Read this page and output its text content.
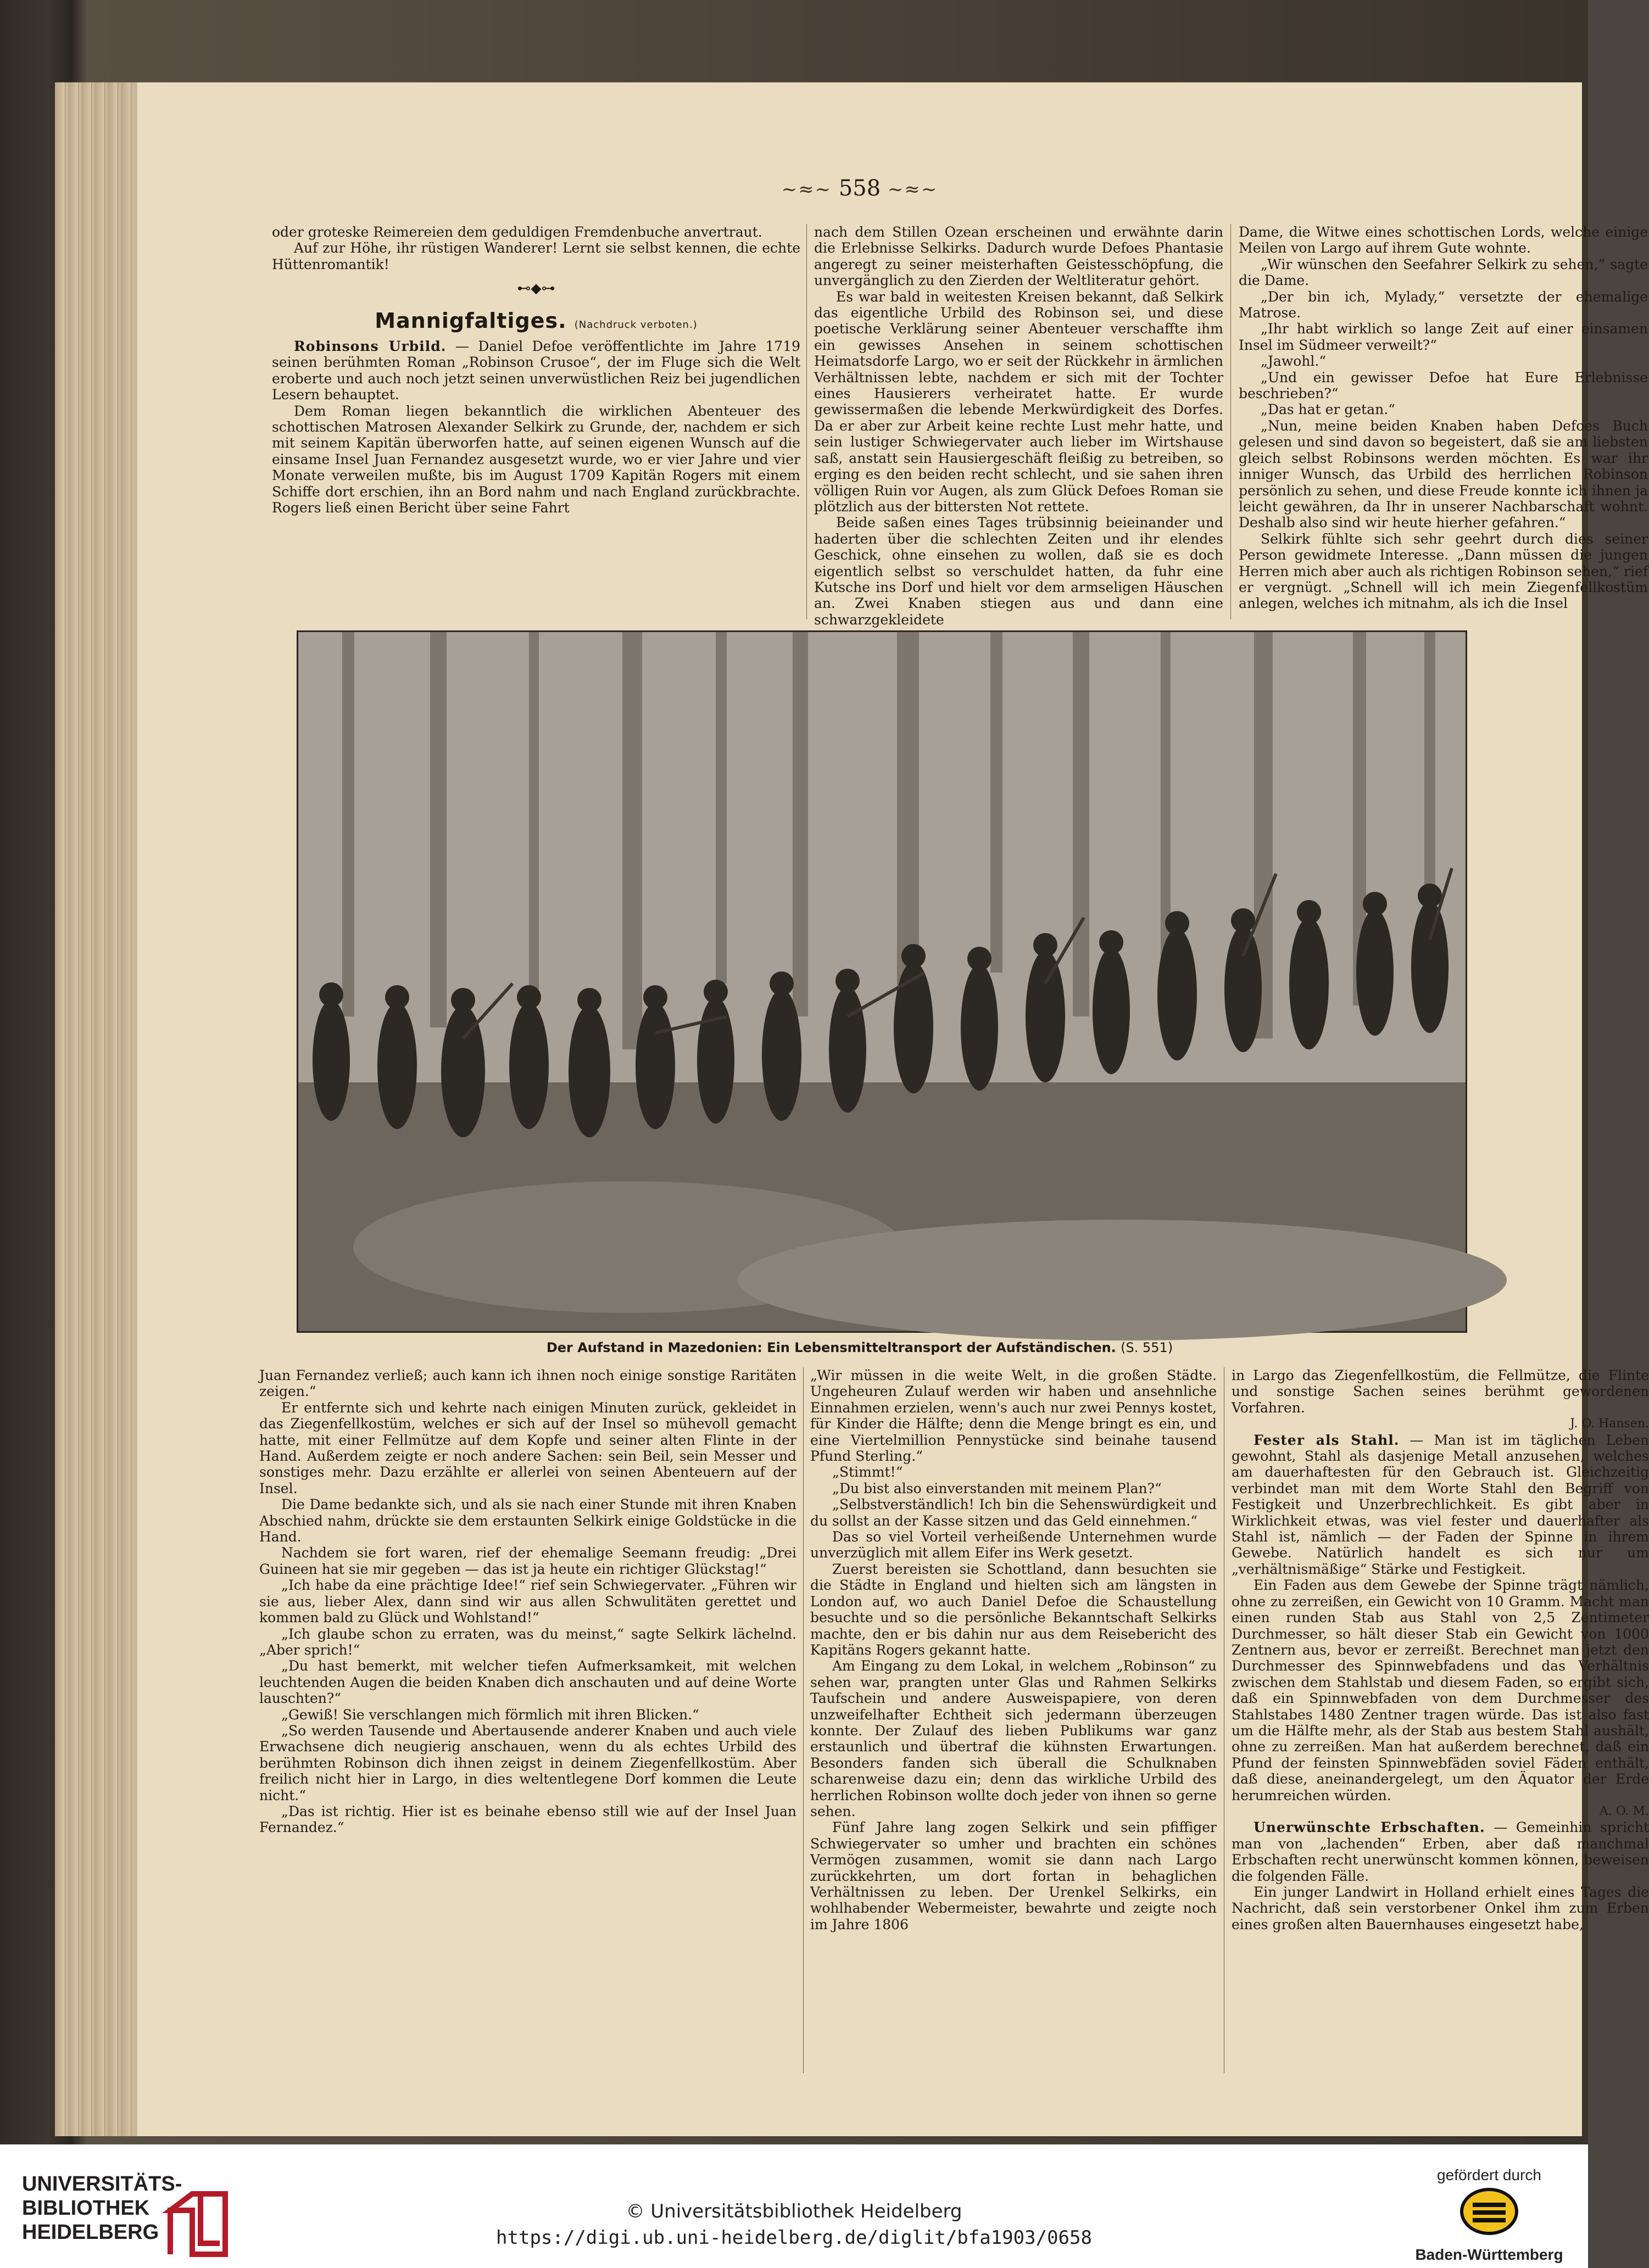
~≈~ 558 ~≈~

oder groteske Reimereien dem geduldigen Fremdenbuche anvertraut.

Auf zur Höhe, ihr rüstigen Wanderer! Lernt sie selbst kennen, die echte Hüttenromantik!

⊷◆⊶

Mannigfaltiges. (Nachdruck verboten.)

Robinsons Urbild. — Daniel Defoe veröffentlichte im Jahre 1719 seinen berühmten Roman „Robinson Crusoe“, der im Fluge sich die Welt eroberte und auch noch jetzt seinen unverwüstlichen Reiz bei jugendlichen Lesern behauptet.

Dem Roman liegen bekanntlich die wirklichen Abenteuer des schottischen Matrosen Alexander Selkirk zu Grunde, der, nachdem er sich mit seinem Kapitän überworfen hatte, auf seinen eigenen Wunsch auf die einsame Insel Juan Fernandez ausgesetzt wurde, wo er vier Jahre und vier Monate verweilen mußte, bis im August 1709 Kapitän Rogers mit einem Schiffe dort erschien, ihn an Bord nahm und nach England zurückbrachte. Rogers ließ einen Bericht über seine Fahrt

nach dem Stillen Ozean erscheinen und erwähnte darin die Erlebnisse Selkirks. Dadurch wurde Defoes Phantasie angeregt zu seiner meisterhaften Geistesschöpfung, die unvergänglich zu den Zierden der Weltliteratur gehört.

Es war bald in weitesten Kreisen bekannt, daß Selkirk das eigentliche Urbild des Robinson sei, und diese poetische Verklärung seiner Abenteuer verschaffte ihm ein gewisses Ansehen in seinem schottischen Heimatsdorfe Largo, wo er seit der Rückkehr in ärmlichen Verhältnissen lebte, nachdem er sich mit der Tochter eines Hausierers verheiratet hatte. Er wurde gewissermaßen die lebende Merkwürdigkeit des Dorfes. Da er aber zur Arbeit keine rechte Lust mehr hatte, und sein lustiger Schwiegervater auch lieber im Wirtshause saß, anstatt sein Hausiergeschäft fleißig zu betreiben, so erging es den beiden recht schlecht, und sie sahen ihren völligen Ruin vor Augen, als zum Glück Defoes Roman sie plötzlich aus der bittersten Not rettete.

Beide saßen eines Tages trübsinnig beieinander und haderten über die schlechten Zeiten und ihr elendes Geschick, ohne einsehen zu wollen, daß sie es doch eigentlich selbst so verschuldet hatten, da fuhr eine Kutsche ins Dorf und hielt vor dem armseligen Häuschen an. Zwei Knaben stiegen aus und dann eine schwarzgekleidete

Dame, die Witwe eines schottischen Lords, welche einige Meilen von Largo auf ihrem Gute wohnte.

„Wir wünschen den Seefahrer Selkirk zu sehen,“ sagte die Dame.

„Der bin ich, Mylady,“ versetzte der ehemalige Matrose.

„Ihr habt wirklich so lange Zeit auf einer einsamen Insel im Südmeer verweilt?“

„Jawohl.“

„Und ein gewisser Defoe hat Eure Erlebnisse beschrieben?“

„Das hat er getan.“

„Nun, meine beiden Knaben haben Defoes Buch gelesen und sind davon so begeistert, daß sie am liebsten gleich selbst Robinsons werden möchten. Es war ihr inniger Wunsch, das Urbild des herrlichen Robinson persönlich zu sehen, und diese Freude konnte ich ihnen ja leicht gewähren, da Ihr in unserer Nachbarschaft wohnt. Deshalb also sind wir heute hierher gefahren.“

Selkirk fühlte sich sehr geehrt durch dies seiner Person gewidmete Interesse. „Dann müssen die jungen Herren mich aber auch als richtigen Robinson sehen,“ rief er vergnügt. „Schnell will ich mein Ziegenfellkostüm anlegen, welches ich mitnahm, als ich die Insel

Der Aufstand in Mazedonien: Ein Lebensmitteltransport der Aufständischen. (S. 551)

Juan Fernandez verließ; auch kann ich ihnen noch einige sonstige Raritäten zeigen.“

Er entfernte sich und kehrte nach einigen Minuten zurück, gekleidet in das Ziegenfellkostüm, welches er sich auf der Insel so mühevoll gemacht hatte, mit einer Fellmütze auf dem Kopfe und seiner alten Flinte in der Hand. Außerdem zeigte er noch andere Sachen: sein Beil, sein Messer und sonstiges mehr. Dazu erzählte er allerlei von seinen Abenteuern auf der Insel.

Die Dame bedankte sich, und als sie nach einer Stunde mit ihren Knaben Abschied nahm, drückte sie dem erstaunten Selkirk einige Goldstücke in die Hand.

Nachdem sie fort waren, rief der ehemalige Seemann freudig: „Drei Guineen hat sie mir gegeben — das ist ja heute ein richtiger Glückstag!“

„Ich habe da eine prächtige Idee!“ rief sein Schwiegervater. „Führen wir sie aus, lieber Alex, dann sind wir aus allen Schwulitäten gerettet und kommen bald zu Glück und Wohlstand!“

„Ich glaube schon zu erraten, was du meinst,“ sagte Selkirk lächelnd. „Aber sprich!“

„Du hast bemerkt, mit welcher tiefen Aufmerksamkeit, mit welchen leuchtenden Augen die beiden Knaben dich anschauten und auf deine Worte lauschten?“

„Gewiß! Sie verschlangen mich förmlich mit ihren Blicken.“

„So werden Tausende und Abertausende anderer Knaben und auch viele Erwachsene dich neugierig anschauen, wenn du als echtes Urbild des berühmten Robinson dich ihnen zeigst in deinem Ziegenfellkostüm. Aber freilich nicht hier in Largo, in dies weltentlegene Dorf kommen die Leute nicht.“

„Das ist richtig. Hier ist es beinahe ebenso still wie auf der Insel Juan Fernandez.“

„Wir müssen in die weite Welt, in die großen Städte. Ungeheuren Zulauf werden wir haben und ansehnliche Einnahmen erzielen, wenn's auch nur zwei Pennys kostet, für Kinder die Hälfte; denn die Menge bringt es ein, und eine Viertelmillion Pennystücke sind beinahe tausend Pfund Sterling.“

„Stimmt!“

„Du bist also einverstanden mit meinem Plan?“

„Selbstverständlich! Ich bin die Sehenswürdigkeit und du sollst an der Kasse sitzen und das Geld einnehmen.“

Das so viel Vorteil verheißende Unternehmen wurde unverzüglich mit allem Eifer ins Werk gesetzt.

Zuerst bereisten sie Schottland, dann besuchten sie die Städte in England und hielten sich am längsten in London auf, wo auch Daniel Defoe die Schaustellung besuchte und so die persönliche Bekanntschaft Selkirks machte, den er bis dahin nur aus dem Reisebericht des Kapitäns Rogers gekannt hatte.

Am Eingang zu dem Lokal, in welchem „Robinson“ zu sehen war, prangten unter Glas und Rahmen Selkirks Taufschein und andere Ausweispapiere, von deren unzweifelhafter Echtheit sich jedermann überzeugen konnte. Der Zulauf des lieben Publikums war ganz erstaunlich und übertraf die kühnsten Erwartungen. Besonders fanden sich überall die Schulknaben scharenweise dazu ein; denn das wirkliche Urbild des herrlichen Robinson wollte doch jeder von ihnen so gerne sehen.

Fünf Jahre lang zogen Selkirk und sein pfiffiger Schwiegervater so umher und brachten ein schönes Vermögen zusammen, womit sie dann nach Largo zurückkehrten, um dort fortan in behaglichen Verhältnissen zu leben. Der Urenkel Selkirks, ein wohlhabender Webermeister, bewahrte und zeigte noch im Jahre 1806

in Largo das Ziegenfellkostüm, die Fellmütze, die Flinte und sonstige Sachen seines berühmt gewordenen Vorfahren.

J. O. Hansen.

Fester als Stahl. — Man ist im täglichen Leben gewohnt, Stahl als dasjenige Metall anzusehen, welches am dauerhaftesten für den Gebrauch ist. Gleichzeitig verbindet man mit dem Worte Stahl den Begriff von Festigkeit und Unzerbrechlichkeit. Es gibt aber in Wirklichkeit etwas, was viel fester und dauerhafter als Stahl ist, nämlich — der Faden der Spinne in ihrem Gewebe. Natürlich handelt es sich nur um „verhältnismäßige“ Stärke und Festigkeit.

Ein Faden aus dem Gewebe der Spinne trägt nämlich, ohne zu zerreißen, ein Gewicht von 10 Gramm. Macht man einen runden Stab aus Stahl von 2,5 Zentimeter Durchmesser, so hält dieser Stab ein Gewicht von 1000 Zentnern aus, bevor er zerreißt. Berechnet man jetzt den Durchmesser des Spinnwebfadens und das Verhältnis zwischen dem Stahlstab und diesem Faden, so ergibt sich, daß ein Spinnwebfaden von dem Durchmesser des Stahlstabes 1480 Zentner tragen würde. Das ist also fast um die Hälfte mehr, als der Stab aus bestem Stahl aushält, ohne zu zerreißen. Man hat außerdem berechnet, daß ein Pfund der feinsten Spinnwebfäden soviel Fäden enthält, daß diese, aneinandergelegt, um den Äquator der Erde herumreichen würden.

A. O. M.

Unerwünschte Erbschaften. — Gemeinhin spricht man von „lachenden“ Erben, aber daß manchmal Erbschaften recht unerwünscht kommen können, beweisen die folgenden Fälle.

Ein junger Landwirt in Holland erhielt eines Tages die Nachricht, daß sein verstorbener Onkel ihm zum Erben eines großen alten Bauernhauses eingesetzt habe,

UNIVERSITÄTS-
BIBLIOTHEK
HEIDELBERG
© Universitätsbibliothek Heidelberg
https://digi.ub.uni-heidelberg.de/diglit/bfa1903/0658
gefördert durch
Baden-Württemberg
